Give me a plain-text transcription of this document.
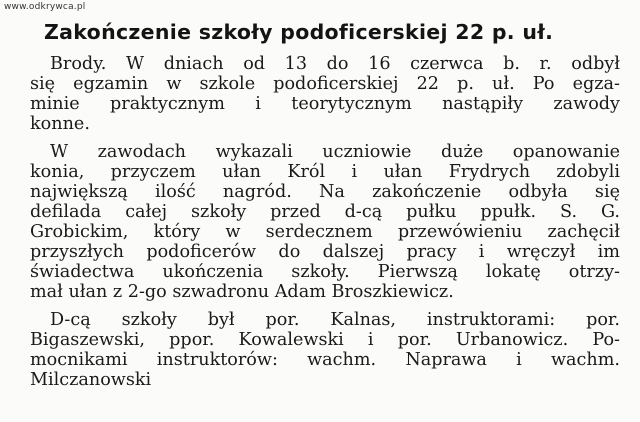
www.odkrywca.pl
Zakończenie szkoły podoficerskiej 22 p. uł.

Brody. W dniach od 13 do 16 czerwca b. r. odbył

się egzamin w szkole podoficerskiej 22 p. uł. Po egza-

minie praktycznym i teorytycznym nastąpiły zawody

konne.

W zawodach wykazali uczniowie duże opanowanie

konia, przyczem ułan Król i ułan Frydrych zdobyli

największą ilość nagród. Na zakończenie odbyła się

defilada całej szkoły przed d-cą pułku ppułk. S. G.

Grobickim, który w serdecznem przewówieniu zachęcił

przyszłych podoficerów do dalszej pracy i wręczył im

świadectwa ukończenia szkoły. Pierwszą lokatę otrzy-

mał ułan z 2-go szwadronu Adam Broszkiewicz.

D-cą szkoły był por. Kalnas, instruktorami: por.

Bigaszewski, ppor. Kowalewski i por. Urbanowicz. Po-

mocnikami instruktorów: wachm. Naprawa i wachm.

Milczanowski
